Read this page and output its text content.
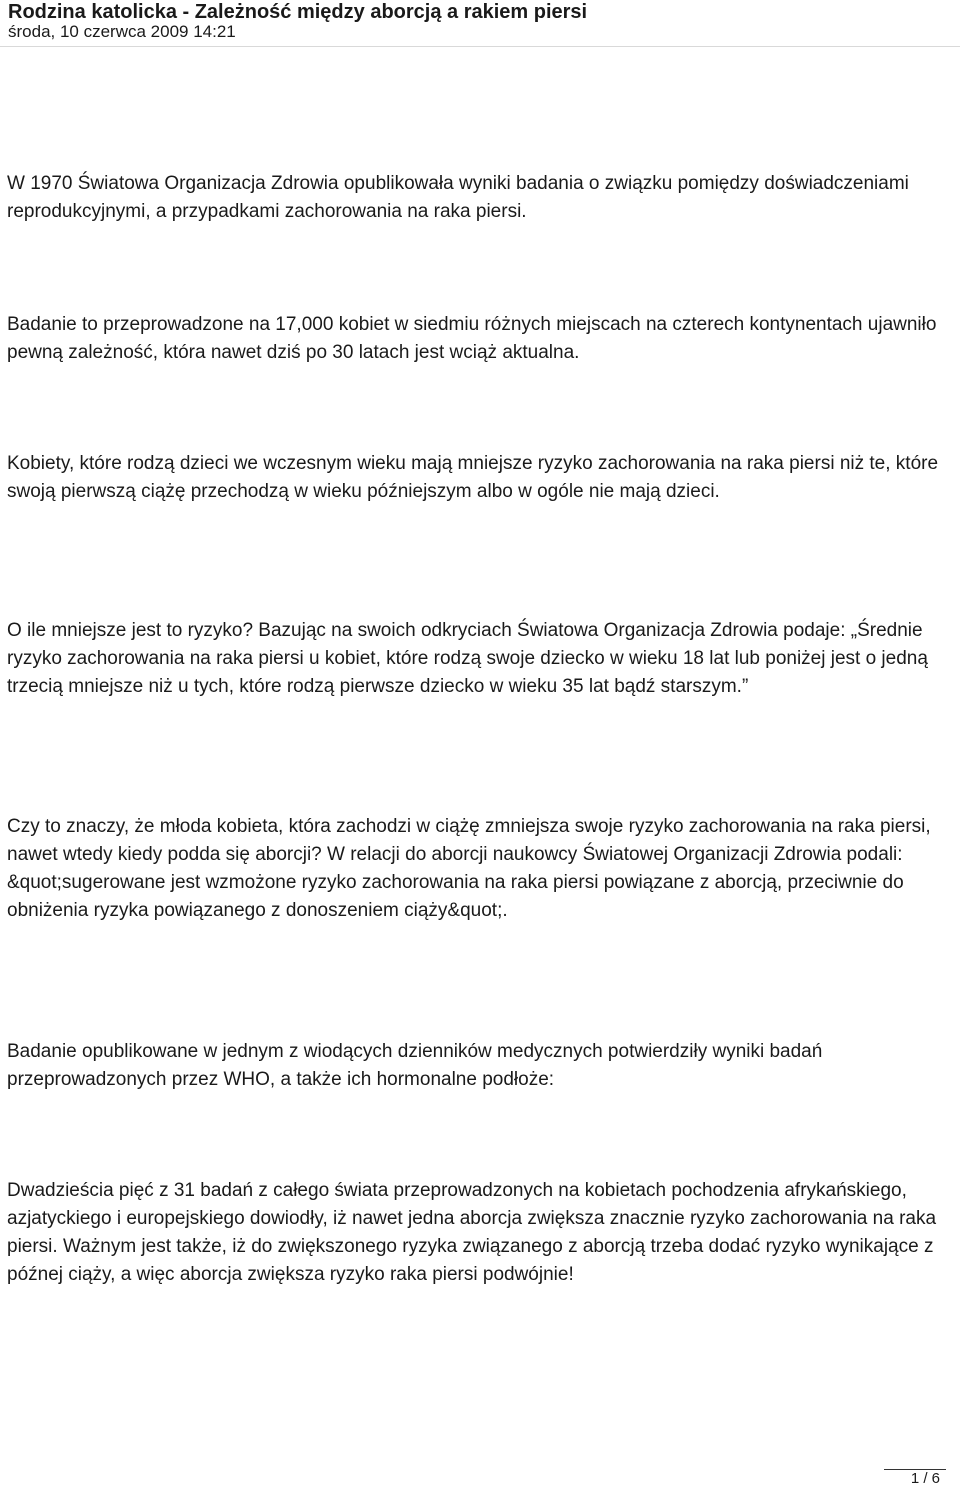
Rodzina katolicka - Zależność między aborcją a rakiem piersi
środa, 10 czerwca 2009 14:21

W 1970 Światowa Organizacja Zdrowia opublikowała wyniki badania o związku pomiędzy doświadczeniami reprodukcyjnymi, a przypadkami zachorowania na raka piersi.

Badanie to przeprowadzone na 17,000 kobiet w siedmiu różnych miejscach na czterech kontynentach ujawniło pewną zależność, która nawet dziś po 30 latach jest wciąż aktualna.

Kobiety, które rodzą dzieci we wczesnym wieku mają mniejsze ryzyko zachorowania na raka piersi niż te, które swoją pierwszą ciążę przechodzą w wieku późniejszym albo w ogóle nie mają dzieci.

O ile mniejsze jest to ryzyko? Bazując na swoich odkryciach Światowa Organizacja Zdrowia podaje: „Średnie ryzyko zachorowania na raka piersi u kobiet, które rodzą swoje dziecko w wieku 18 lat lub poniżej jest o jedną trzecią mniejsze niż u tych, które rodzą pierwsze dziecko w wieku 35 lat bądź starszym.”

Czy to znaczy, że młoda kobieta, która zachodzi w ciążę zmniejsza swoje ryzyko zachorowania na raka piersi, nawet wtedy kiedy podda się aborcji? W relacji do aborcji naukowcy Światowej Organizacji Zdrowia podali: &quot;sugerowane jest wzmożone ryzyko zachorowania na raka piersi powiązane z aborcją, przeciwnie do obniżenia ryzyka powiązanego z donoszeniem ciąży&quot;.

Badanie opublikowane w jednym z wiodących dzienników medycznych potwierdziły wyniki badań przeprowadzonych przez WHO, a także ich hormonalne podłoże:

Dwadzieścia pięć z 31 badań z całego świata przeprowadzonych na kobietach pochodzenia afrykańskiego, azjatyckiego i europejskiego dowiodły, iż nawet jedna aborcja zwiększa znacznie ryzyko zachorowania na raka piersi. Ważnym jest także, iż do zwiększonego ryzyka związanego z aborcją trzeba dodać ryzyko wynikające z późnej ciąży, a więc aborcja zwiększa ryzyko raka piersi podwójnie!

1 / 6
